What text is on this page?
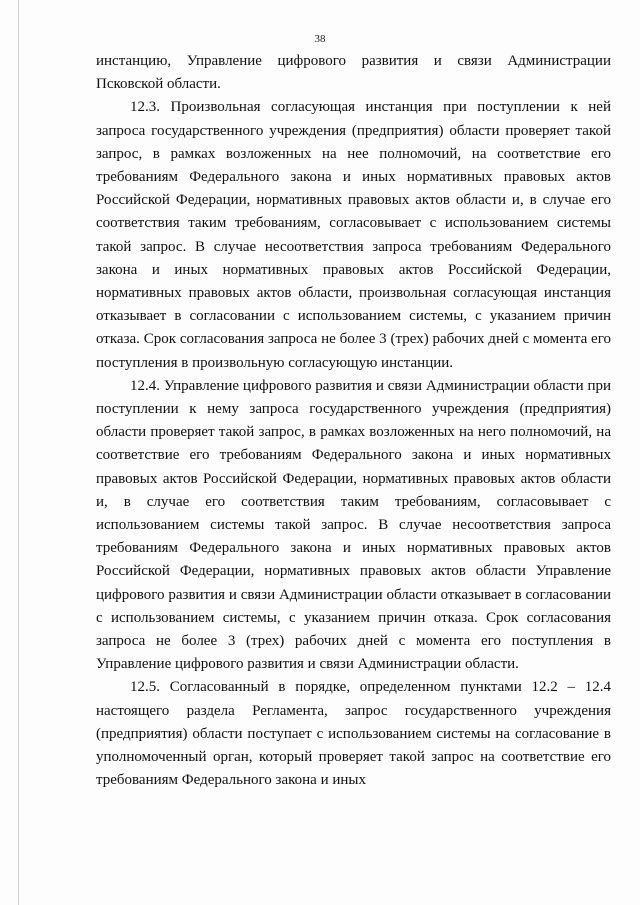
38

инстанцию, Управление цифрового развития и связи Администрации Псковской области.

12.3. Произвольная согласующая инстанция при поступлении к ней запроса государственного учреждения (предприятия) области проверяет такой запрос, в рамках возложенных на нее полномочий, на соответствие его требованиям Федерального закона и иных нормативных правовых актов Российской Федерации, нормативных правовых актов области и, в случае его соответствия таким требованиям, согласовывает с использованием системы такой запрос. В случае несоответствия запроса требованиям Федерального закона и иных нормативных правовых актов Российской Федерации, нормативных правовых актов области, произвольная согласующая инстанция отказывает в согласовании с использованием системы, с указанием причин отказа. Срок согласования запроса не более 3 (трех) рабочих дней с момента его поступления в произвольную согласующую инстанции.

12.4. Управление цифрового развития и связи Администрации области при поступлении к нему запроса государственного учреждения (предприятия) области проверяет такой запрос, в рамках возложенных на него полномочий, на соответствие его требованиям Федерального закона и иных нормативных правовых актов Российской Федерации, нормативных правовых актов области и, в случае его соответствия таким требованиям, согласовывает с использованием системы такой запрос. В случае несоответствия запроса требованиям Федерального закона и иных нормативных правовых актов Российской Федерации, нормативных правовых актов области Управление цифрового развития и связи Администрации области отказывает в согласовании с использованием системы, с указанием причин отказа. Срок согласования запроса не более 3 (трех) рабочих дней с момента его поступления в Управление цифрового развития и связи Администрации области.

12.5. Согласованный в порядке, определенном пунктами 12.2 – 12.4 настоящего раздела Регламента, запрос государственного учреждения (предприятия) области поступает с использованием системы на согласование в уполномоченный орган, который проверяет такой запрос на соответствие его требованиям Федерального закона и иных
